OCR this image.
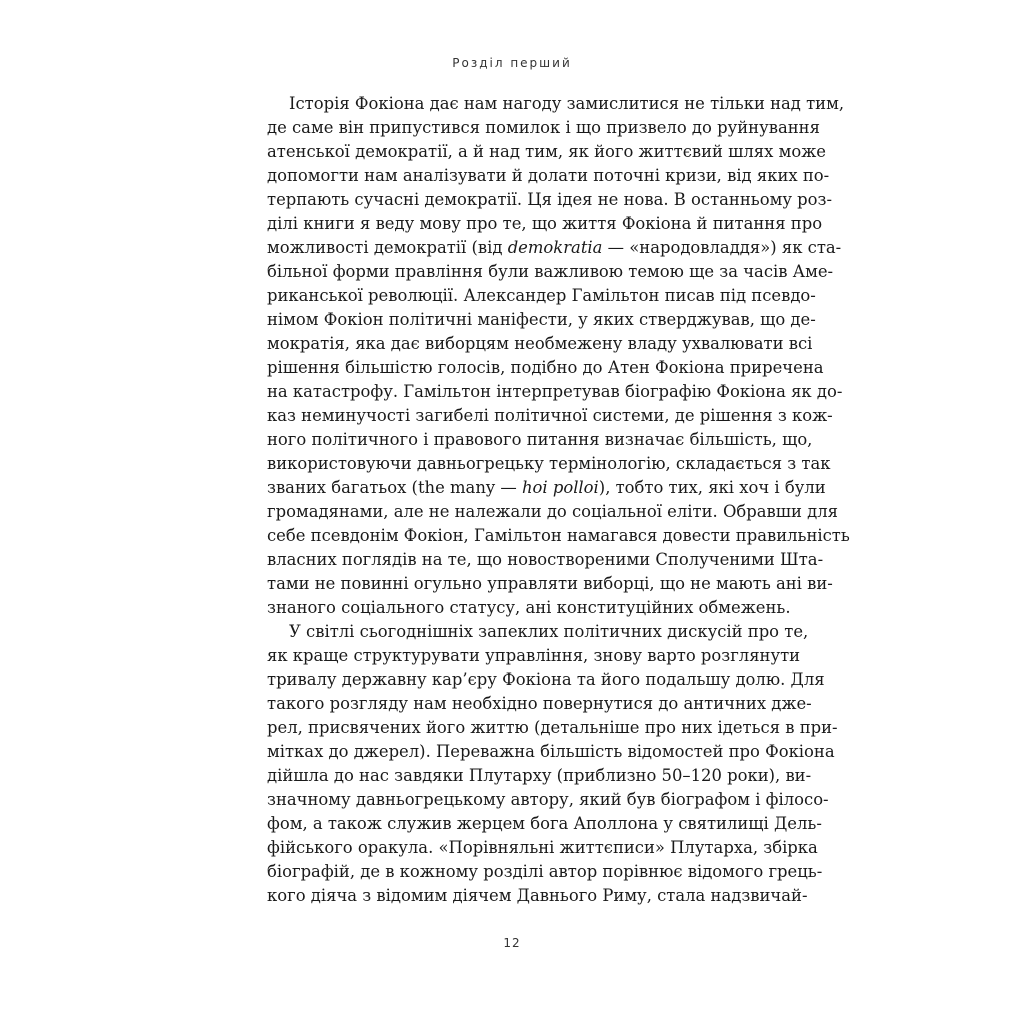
Розділ перший
Історія Фокіона дає нам нагоду замислитися не тільки над тим,
де саме він припустився помилок і що призвело до руйнування
атенської демократії, а й над тим, як його життєвий шлях може
допомогти нам аналізувати й долати поточні кризи, від яких по-
терпають сучасні демократії. Ця ідея не нова. В останньому роз-
ділі книги я веду мову про те, що життя Фокіона й питання про
можливості демократії (від demokratia — «народовладдя») як ста-
більної форми правління були важливою темою ще за часів Аме-
риканської революції. Александер Гамільтон писав під псевдо-
німом Фокіон політичні маніфести, у яких стверджував, що де-
мократія, яка дає виборцям необмежену владу ухвалювати всі
рішення більшістю голосів, подібно до Атен Фокіона приречена
на катастрофу. Гамільтон інтерпретував біографію Фокіона як до-
каз неминучості загибелі політичної системи, де рішення з кож-
ного політичного і правового питання визначає більшість, що,
використовуючи давньогрецьку термінологію, складається з так
званих багатьох (the many — hoi polloi), тобто тих, які хоч і були
громадянами, але не належали до соціальної еліти. Обравши для
себе псевдонім Фокіон, Гамільтон намагався довести правильність
власних поглядів на те, що новоствореними Сполученими Шта-
тами не повинні огульно управляти виборці, що не мають ані ви-
знаного соціального статусу, ані конституційних обмежень.
У світлі сьогоднішніх запеклих політичних дискусій про те,
як краще структурувати управління, знову варто розглянути
тривалу державну кар’єру Фокіона та його подальшу долю. Для
такого розгляду нам необхідно повернутися до античних дже-
рел, присвячених його життю (детальніше про них ідеться в при-
мітках до джерел). Переважна більшість відомостей про Фокіона
дійшла до нас завдяки Плутарху (приблизно 50–120 роки), ви-
значному давньогрецькому автору, який був біографом і філосо-
фом, а також служив жерцем бога Аполлона у святилищі Дель-
фійського оракула. «Порівняльні життєписи» Плутарха, збірка
біографій, де в кожному розділі автор порівнює відомого грець-
кого діяча з відомим діячем Давнього Риму, стала надзвичай-
12
